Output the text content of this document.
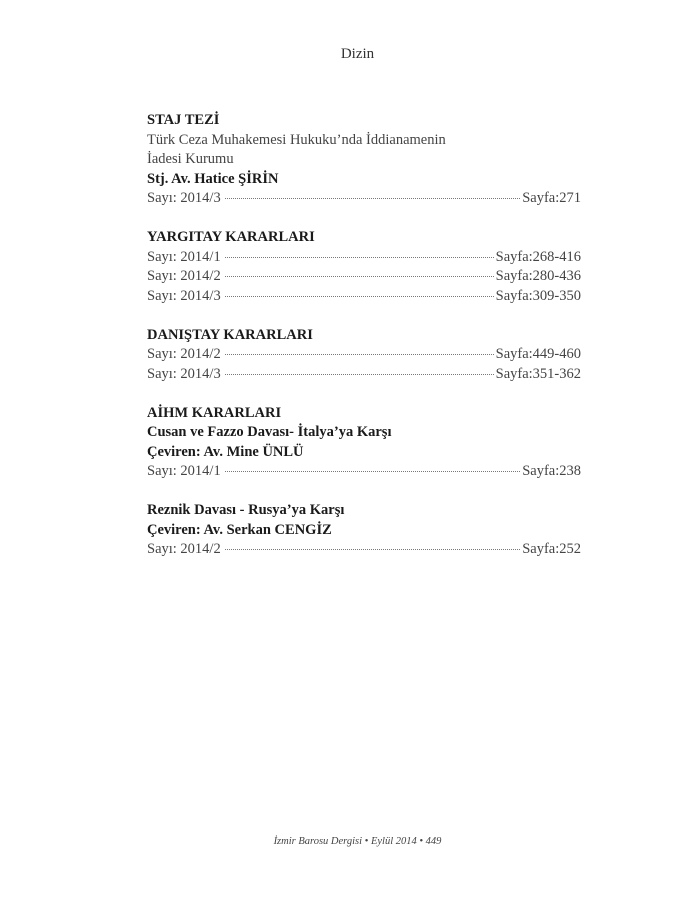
Dizin
STAJ TEZİ
Türk Ceza Muhakemesi Hukuku’nda İddianamenin
İadesi Kurumu
Stj. Av. Hatice ŞİRİN
Sayı: 2014/3	Sayfa:271
YARGITAY KARARLARI
Sayı: 2014/1	Sayfa:268-416
Sayı: 2014/2	Sayfa:280-436
Sayı: 2014/3	Sayfa:309-350
DANIŞTAY KARARLARI
Sayı: 2014/2	Sayfa:449-460
Sayı: 2014/3	Sayfa:351-362
AİHM KARARLARI
Cusan ve Fazzo Davası- İtalya’ya Karşı
Çeviren: Av. Mine ÜNLÜ
Sayı: 2014/1	Sayfa:238
Reznik Davası - Rusya’ya Karşı
Çeviren: Av. Serkan CENGİZ
Sayı: 2014/2	Sayfa:252
İzmir Barosu Dergisi • Eylül 2014 • 449
